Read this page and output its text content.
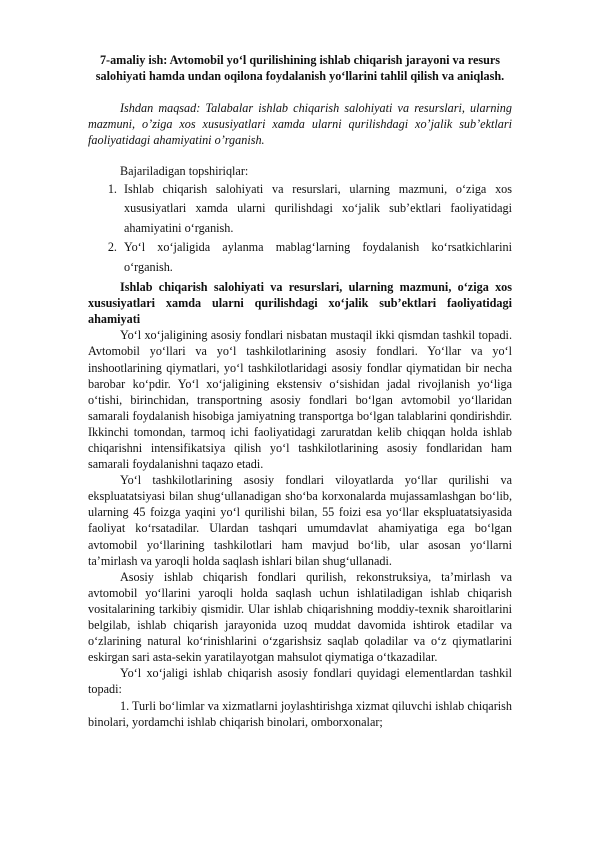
7-amaliy ish: Avtomobil yo‘l qurilishining ishlab chiqarish jarayoni va resurs salohiyati hamda undan oqilona foydalanish yo‘llarini tahlil qilish va aniqlash.

Ishdan maqsad: Talabalar ishlab chiqarish salohiyati va resurslari, ularning mazmuni, o’ziga xos xususiyatlari xamda ularni qurilishdagi xo’jalik sub’ektlari faoliyatidagi ahamiyatini o’rganish.

Bajariladigan topshiriqlar:

1. Ishlab chiqarish salohiyati va resurslari, ularning mazmuni, o‘ziga xos xususiyatlari xamda ularni qurilishdagi xo‘jalik sub’ektlari faoliyatidagi ahamiyatini o‘rganish.
2. Yo‘l xo‘jaligida aylanma mablag‘larning foydalanish ko‘rsatkichlarini o‘rganish.

Ishlab chiqarish salohiyati va resurslari, ularning mazmuni, o‘ziga xos xususiyatlari xamda ularni qurilishdagi xo‘jalik sub’ektlari faoliyatidagi ahamiyati

Yo‘l xo‘jaligining asosiy fondlari nisbatan mustaqil ikki qismdan tashkil topadi. Avtomobil yo‘llari va yo‘l tashkilotlarining asosiy fondlari. Yo‘llar va yo‘l inshootlarining qiymatlari, yo‘l tashkilotlaridagi asosiy fondlar qiymatidan bir necha barobar ko‘pdir. Yo‘l xo‘jaligining ekstensiv o‘sishidan jadal rivojlanish yo‘liga o‘tishi, birinchidan, transportning asosiy fondlari bo‘lgan avtomobil yo‘llaridan samarali foydalanish hisobiga jamiyatning transportga bo‘lgan talablarini qondirishdir. Ikkinchi tomondan, tarmoq ichi faoliyatidagi zaruratdan kelib chiqqan holda ishlab chiqarishni intensifikatsiya qilish yo‘l tashkilotlarining asosiy fondlaridan ham samarali foydalanishni taqazo etadi.

Yo‘l tashkilotlarining asosiy fondlari viloyatlarda yo‘llar qurilishi va ekspluatatsiyasi bilan shug‘ullanadigan sho‘ba korxonalarda mujassamlashgan bo‘lib, ularning 45 foizga yaqini yo‘l qurilishi bilan, 55 foizi esa yo‘llar ekspluatatsiyasida faoliyat ko‘rsatadilar. Ulardan tashqari umumdavlat ahamiyatiga ega bo‘lgan avtomobil yo‘llarining tashkilotlari ham mavjud bo‘lib, ular asosan yo‘llarni ta’mirlash va yaroqli holda saqlash ishlari bilan shug‘ullanadi.

Asosiy ishlab chiqarish fondlari qurilish, rekonstruksiya, ta’mirlash va avtomobil yo‘llarini yaroqli holda saqlash uchun ishlatiladigan ishlab chiqarish vositalarining tarkibiy qismidir. Ular ishlab chiqarishning moddiy-texnik sharoitlarini belgilab, ishlab chiqarish jarayonida uzoq muddat davomida ishtirok etadilar va o‘zlarining natural ko‘rinishlarini o‘zgarishsiz saqlab qoladilar va o‘z qiymatlarini eskirgan sari asta-sekin yaratilayotgan mahsulot qiymatiga o‘tkazadilar.

Yo‘l xo‘jaligi ishlab chiqarish asosiy fondlari quyidagi elementlardan tashkil topadi:

1. Turli bo‘limlar va xizmatlarni joylashtirishga xizmat qiluvchi ishlab chiqarish binolari, yordamchi ishlab chiqarish binolari, omborxonalar;
